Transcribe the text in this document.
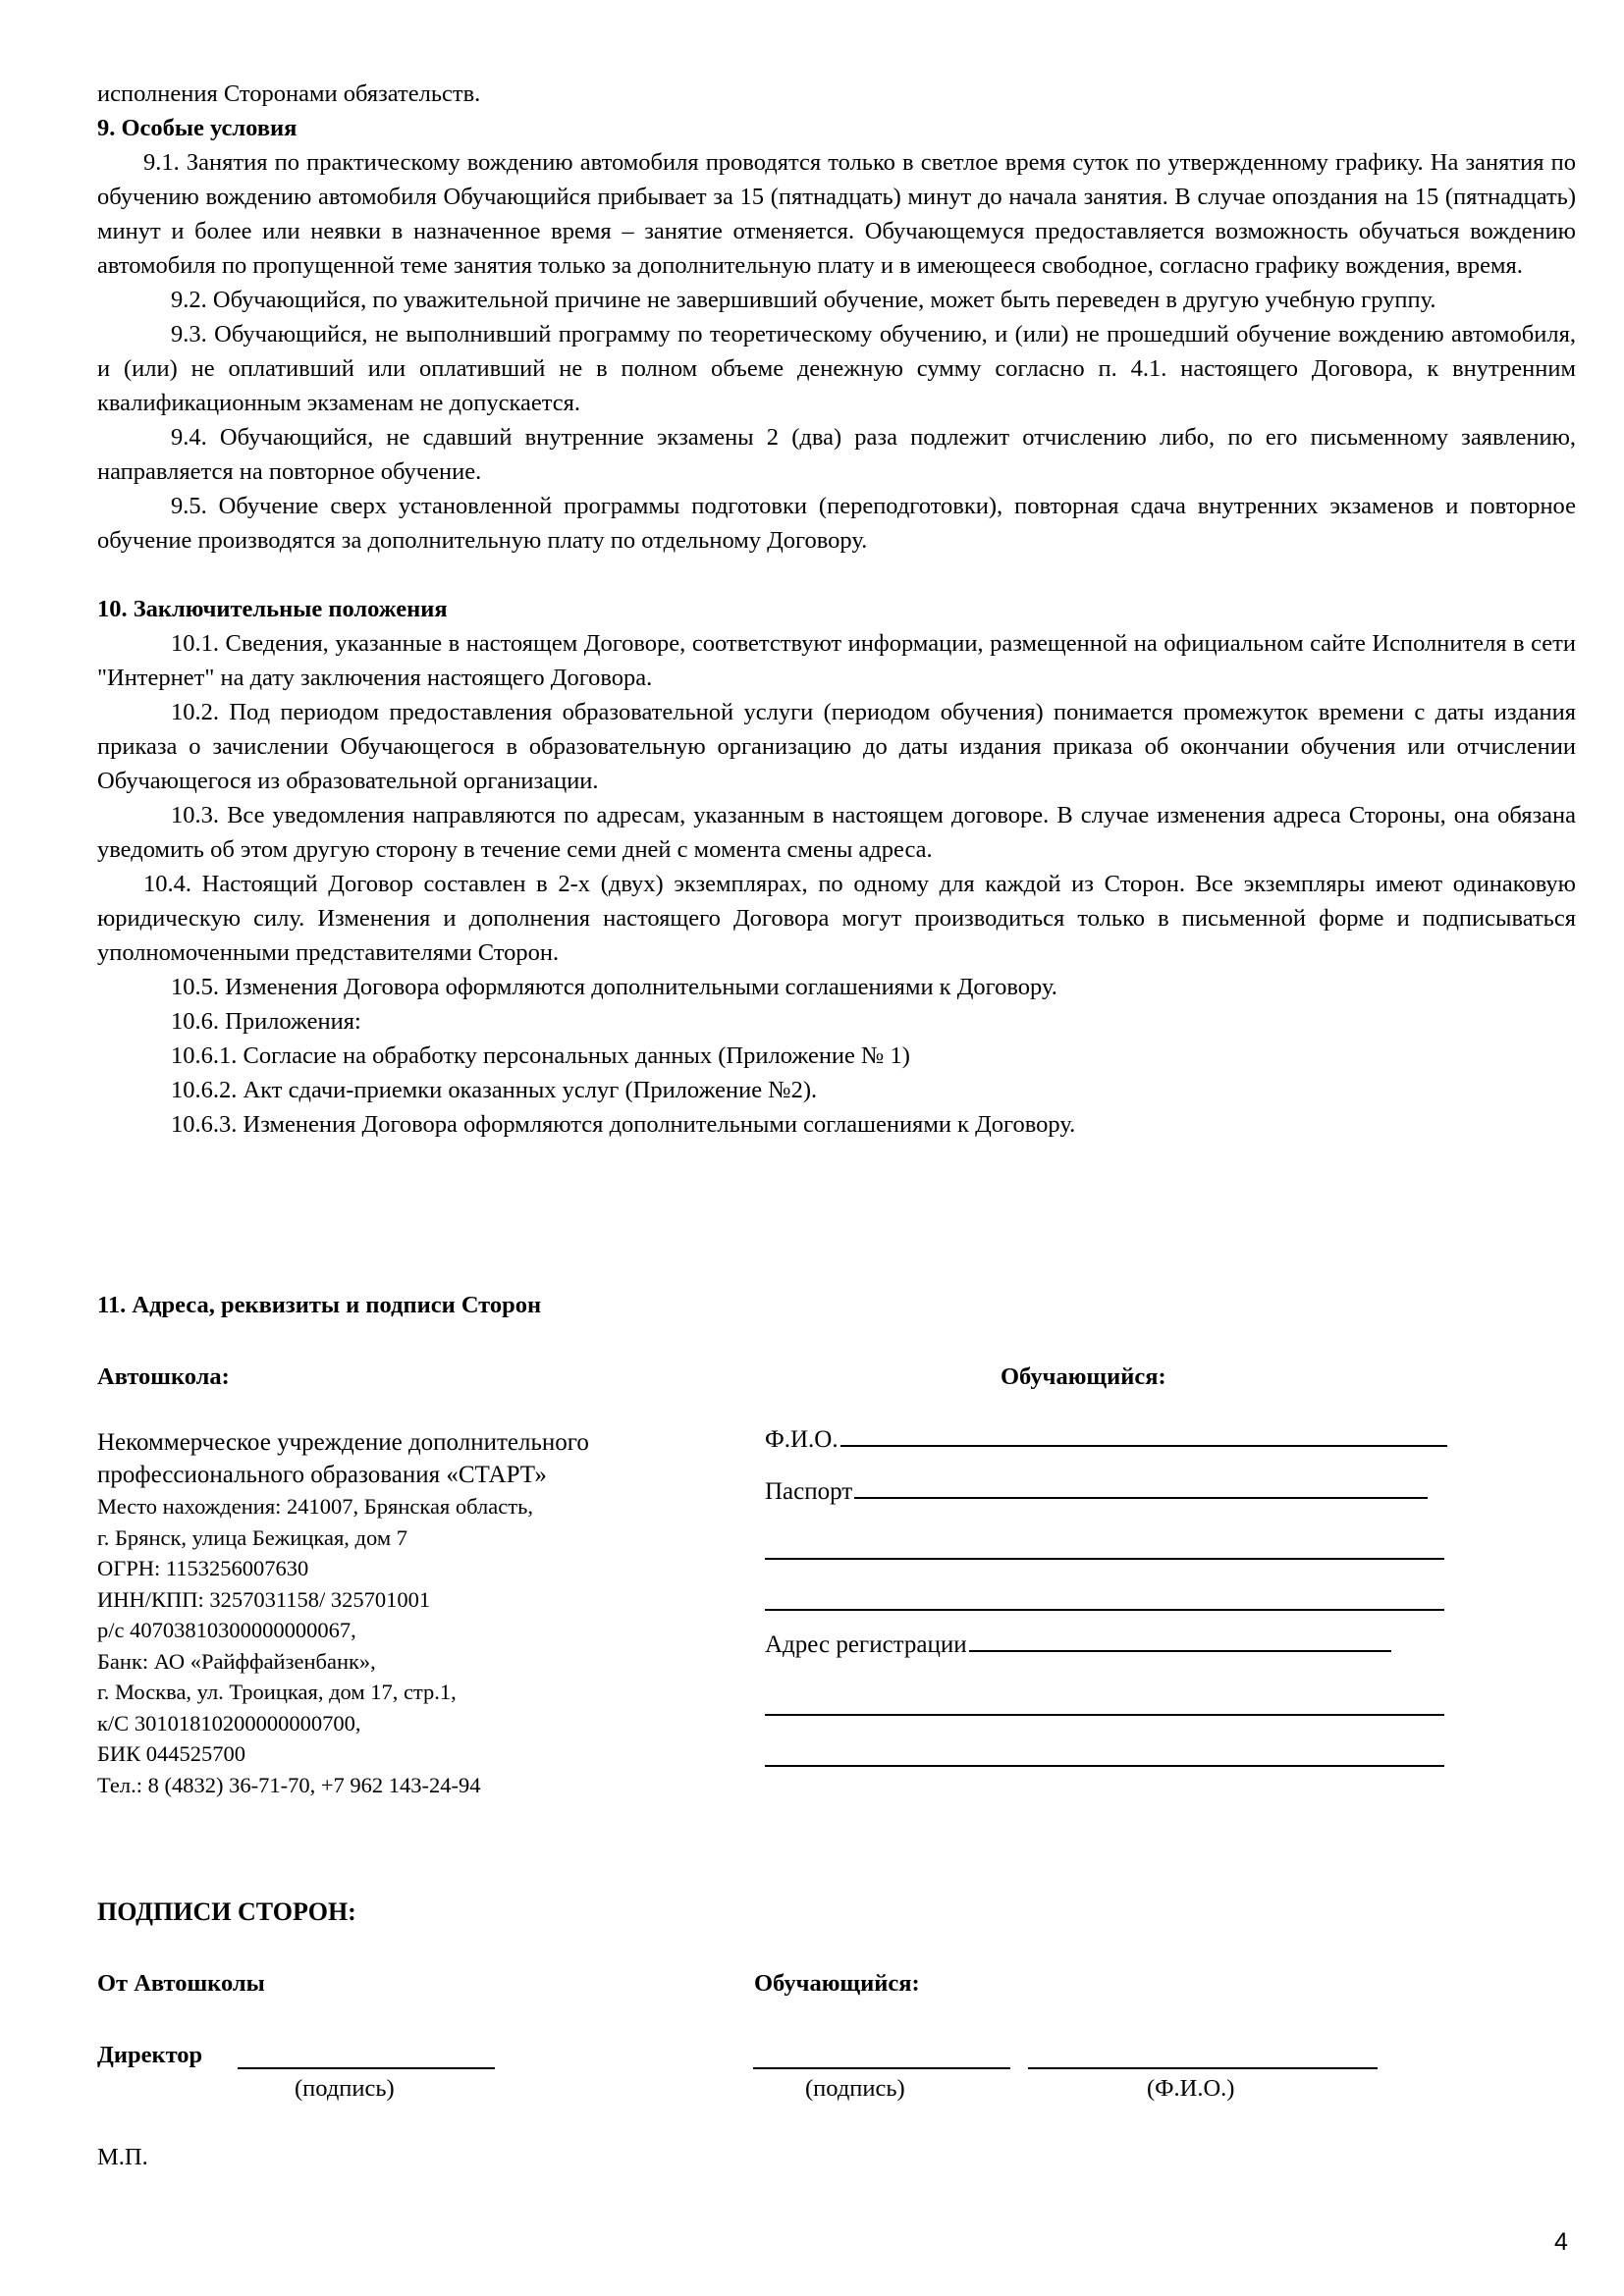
исполнения Сторонами обязательств.

9. Особые условия

9.1. Занятия по практическому вождению автомобиля проводятся только в светлое время суток по утвержденному графику. На занятия по обучению вождению автомобиля Обучающийся прибывает за 15 (пятнадцать) минут до начала занятия. В случае опоздания на 15 (пятнадцать) минут и более или неявки в назначенное время – занятие отменяется. Обучающемуся предоставляется возможность обучаться вождению автомобиля по пропущенной теме занятия только за дополнительную плату и в имеющееся свободное, согласно графику вождения, время.

9.2. Обучающийся, по уважительной причине не завершивший обучение, может быть переведен в другую учебную группу.

9.3. Обучающийся, не выполнивший программу по теоретическому обучению, и (или) не прошедший обучение вождению автомобиля, и (или) не оплативший или оплативший не в полном объеме денежную сумму согласно п. 4.1. настоящего Договора, к внутренним квалификационным экзаменам не допускается.

9.4. Обучающийся, не сдавший внутренние экзамены 2 (два) раза подлежит отчислению либо, по его письменному заявлению, направляется на повторное обучение.

9.5. Обучение сверх установленной программы подготовки (переподготовки), повторная сдача внутренних экзаменов и повторное обучение производятся за дополнительную плату по отдельному Договору.

10. Заключительные положения

10.1. Сведения, указанные в настоящем Договоре, соответствуют информации, размещенной на официальном сайте Исполнителя в сети "Интернет" на дату заключения настоящего Договора.

10.2. Под периодом предоставления образовательной услуги (периодом обучения) понимается промежуток времени с даты издания приказа о зачислении Обучающегося в образовательную организацию до даты издания приказа об окончании обучения или отчислении Обучающегося из образовательной организации.

10.3. Все уведомления направляются по адресам, указанным в настоящем договоре. В случае изменения адреса Стороны, она обязана уведомить об этом другую сторону в течение семи дней с момента смены адреса.

10.4. Настоящий Договор составлен в 2-х (двух) экземплярах, по одному для каждой из Сторон. Все экземпляры имеют одинаковую юридическую силу. Изменения и дополнения настоящего Договора могут производиться только в письменной форме и подписываться уполномоченными представителями Сторон.

10.5. Изменения Договора оформляются дополнительными соглашениями к Договору.

10.6. Приложения:

10.6.1. Согласие на обработку персональных данных (Приложение № 1)

10.6.2. Акт сдачи-приемки оказанных услуг (Приложение №2).

10.6.3. Изменения Договора оформляются дополнительными соглашениями к Договору.

11. Адреса, реквизиты и подписи Сторон
Автошкола:	Обучающийся:
Некоммерческое учреждение дополнительного
профессионального образования «СТАРТ»
Место нахождения: 241007, Брянская область,
г. Брянск, улица Бежицкая, дом 7
ОГРН: 1153256007630
ИНН/КПП: 3257031158/ 325701001
р/с 40703810300000000067,
Банк: АО «Райффайзенбанк»,
г. Москва, ул. Троицкая, дом 17, стр.1,
к/С 30101810200000000700,
БИК 044525700
Тел.: 8 (4832) 36-71-70, +7 962 143-24-94
Ф.И.О.
Паспорт
Адрес регистрации
ПОДПИСИ СТОРОН:
От Автошколы	Обучающийся:
Директор
(подпись)	(подпись)	(Ф.И.О.)
М.П.
4
